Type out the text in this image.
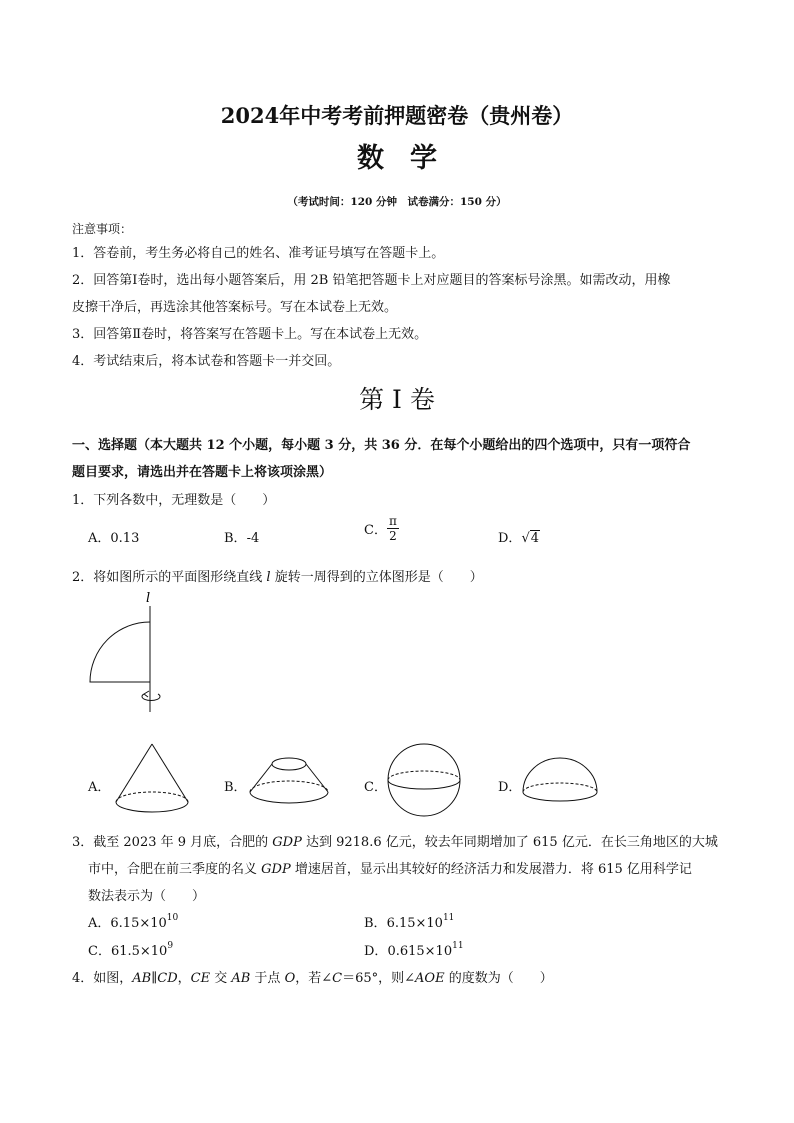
2024年中考考前押题密卷（贵州卷）
数学
（考试时间：120 分钟　试卷满分：150 分）
注意事项：
1．答卷前，考生务必将自己的姓名、准考证号填写在答题卡上。
2．回答第Ⅰ卷时，选出每小题答案后，用 2B 铅笔把答题卡上对应题目的答案标号涂黑。如需改动，用橡
皮擦干净后，再选涂其他答案标号。写在本试卷上无效。
3．回答第Ⅱ卷时，将答案写在答题卡上。写在本试卷上无效。
4．考试结束后，将本试卷和答题卡一并交回。
第 I 卷
一、选择题（本大题共 12 个小题，每小题 3 分，共 36 分．在每个小题给出的四个选项中，只有一项符合
题目要求，请选出并在答题卡上将该项涂黑）
1．下列各数中，无理数是（　　）
A．0.13	B．-4
C． $\frac{\pi}{2}$	D．√4
2．将如图所示的平面图形绕直线 l 旋转一周得到的立体图形是（　　）
l
A．	B．	C．	D．
3．截至 2023 年 9 月底，合肥的 GDP 达到 9218.6 亿元，较去年同期增加了 615 亿元．在长三角地区的大城
市中，合肥在前三季度的名义 GDP 增速居首，显示出其较好的经济活力和发展潜力．将 615 亿用科学记
数法表示为（　　）
A．$6.15\times 10^{10}$	B．$6.15\times 10^{11}$
C．$61.5\times 10^9$	D．$0.615\times 10^{11}$
4．如图，AB∥CD，CE 交 AB 于点 O，若∠C＝65°，则∠AOE 的度数为（　　）
